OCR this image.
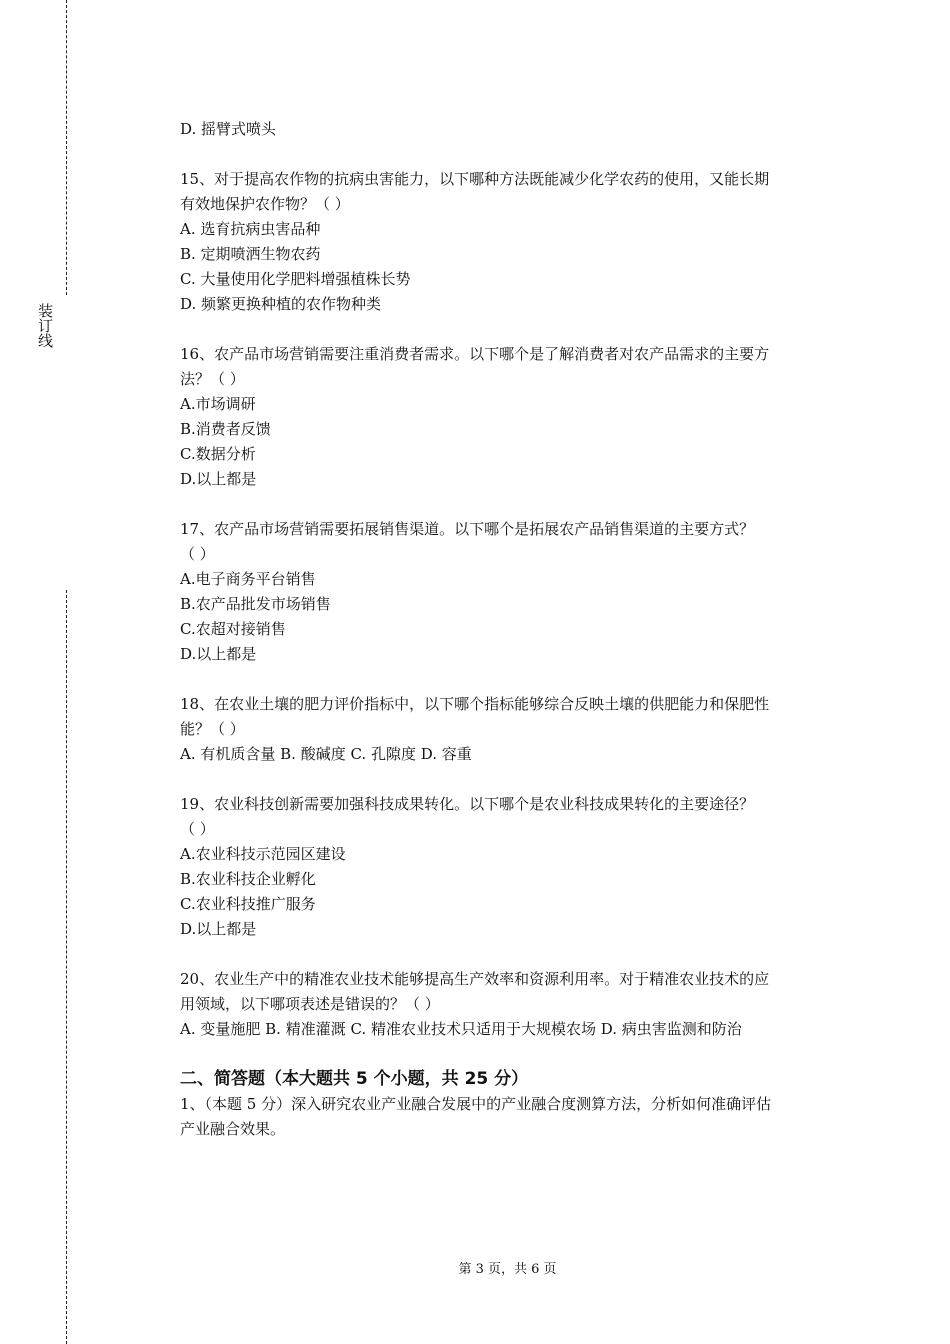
装订线
D. 摇臂式喷头
15、对于提高农作物的抗病虫害能力，以下哪种方法既能减少化学农药的使用，又能长期
有效地保护农作物？（ ）
A. 选育抗病虫害品种
B. 定期喷洒生物农药
C. 大量使用化学肥料增强植株长势
D. 频繁更换种植的农作物种类
16、农产品市场营销需要注重消费者需求。以下哪个是了解消费者对农产品需求的主要方
法？（ ）
A.市场调研
B.消费者反馈
C.数据分析
D.以上都是
17、农产品市场营销需要拓展销售渠道。以下哪个是拓展农产品销售渠道的主要方式？
（ ）
A.电子商务平台销售
B.农产品批发市场销售
C.农超对接销售
D.以上都是
18、在农业土壤的肥力评价指标中，以下哪个指标能够综合反映土壤的供肥能力和保肥性
能？（ ）
A. 有机质含量 B. 酸碱度 C. 孔隙度 D. 容重
19、农业科技创新需要加强科技成果转化。以下哪个是农业科技成果转化的主要途径？
（ ）
A.农业科技示范园区建设
B.农业科技企业孵化
C.农业科技推广服务
D.以上都是
20、农业生产中的精准农业技术能够提高生产效率和资源利用率。对于精准农业技术的应
用领域，以下哪项表述是错误的？（ ）
A. 变量施肥 B. 精准灌溉 C. 精准农业技术只适用于大规模农场 D. 病虫害监测和防治
二、简答题（本大题共 5 个小题，共 25 分）
1、（本题 5 分）深入研究农业产业融合发展中的产业融合度测算方法，分析如何准确评估
产业融合效果。
第 3 页，共 6 页
